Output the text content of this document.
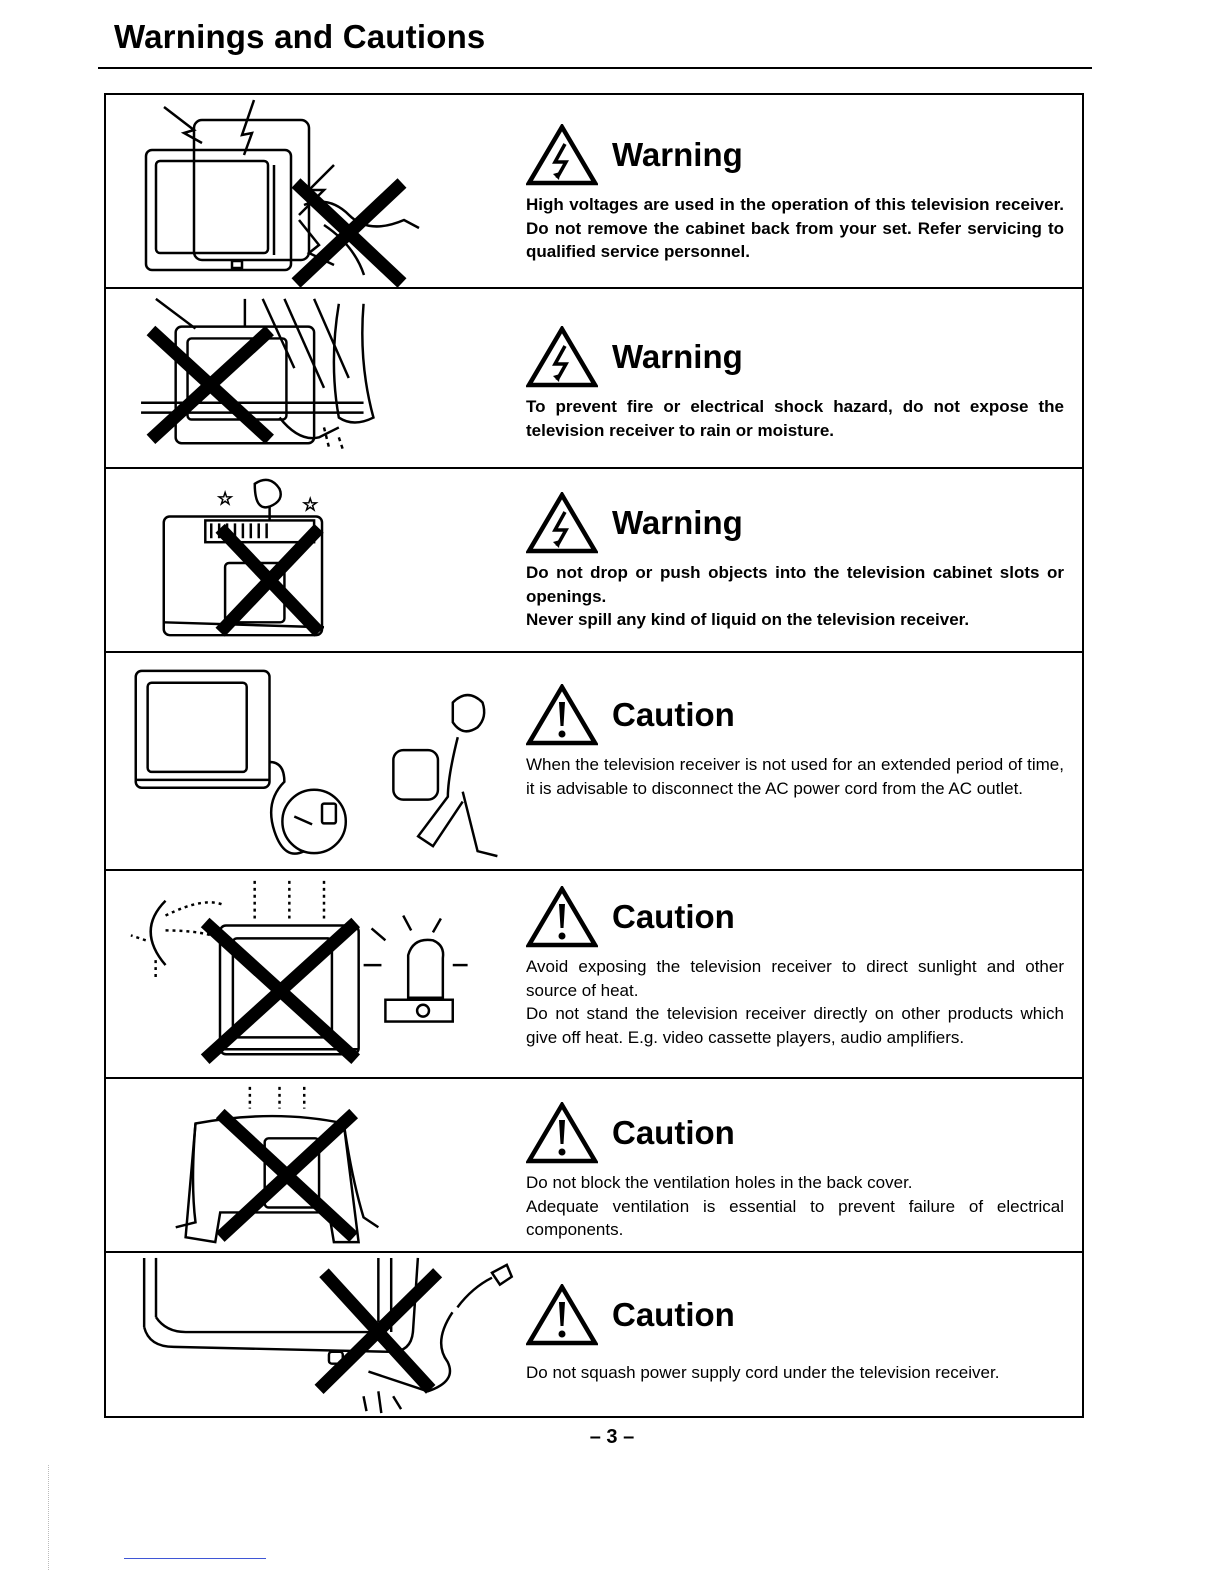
Warnings and Cautions
Warning

High voltages are used in the operation of this television receiver. Do not remove the cabinet back from your set. Refer servicing to qualified service personnel.

Warning

To prevent fire or electrical shock hazard, do not expose the television receiver to rain or moisture.

☆	☆	Warning

Do not drop or push objects into the television cabinet slots or openings.

Never spill any kind of liquid on the television receiver.

Caution

When the television receiver is not used for an extended period of time, it is advisable to disconnect the AC power cord from the AC outlet.

Caution

Avoid exposing the television receiver to direct sunlight and other source of heat.

Do not stand the television receiver directly on other products which give off heat. E.g. video cassette players, audio amplifiers.

Caution

Do not block the ventilation holes in the back cover.

Adequate ventilation is essential to prevent failure of electrical components.

Caution

Do not squash power supply cord under the television receiver.

– 3 –
